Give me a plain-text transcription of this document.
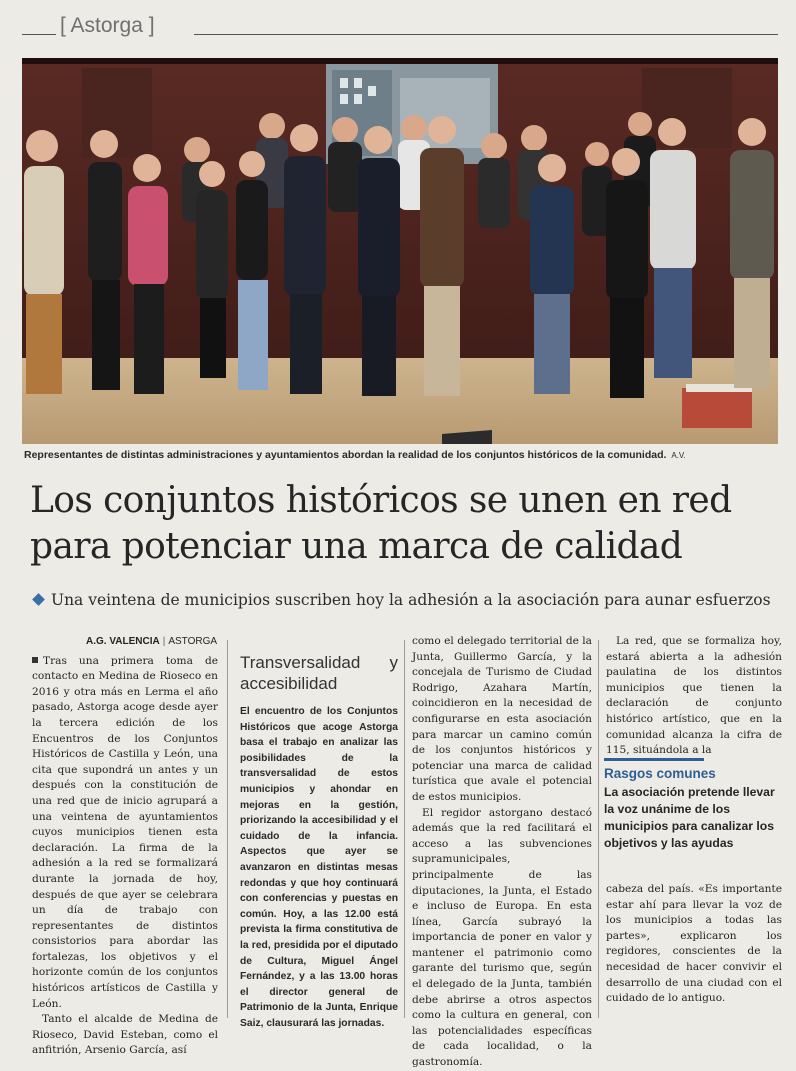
[ Astorga ]
Representantes de distintas administraciones y ayuntamientos abordan la realidad de los conjuntos históricos de la comunidad. A.V.
Los conjuntos históricos se unen en red
para potenciar una marca de calidad
Una veintena de municipios suscriben hoy la adhesión a la asociación para aunar esfuerzos
A.G. VALENCIA | ASTORGA

Tras una primera toma de contacto en Medina de Rioseco en 2016 y otra más en Lerma el año pasado, Astorga acoge desde ayer la tercera edición de los Encuentros de los Conjuntos Históricos de Castilla y León, una cita que supondrá un antes y un después con la constitución de una red que de inicio agrupará a una veintena de ayuntamientos cuyos municipios tienen esta declaración. La firma de la adhesión a la red se formalizará durante la jornada de hoy, después de que ayer se celebrara un día de trabajo con representantes de distintos consistorios para abordar las fortalezas, los objetivos y el horizonte común de los conjuntos históricos artísticos de Castilla y León.

Tanto el alcalde de Medina de Rioseco, David Esteban, como el anfitrión, Arsenio García, así

Transversalidad y accesibilidad
El encuentro de los Conjuntos Históricos que acoge Astorga basa el trabajo en analizar las posibilidades de la transversalidad de estos municipios y ahondar en mejoras en la gestión, priorizando la accesibilidad y el cuidado de la infancia. Aspectos que ayer se avanzaron en distintas mesas redondas y que hoy continuará con conferencias y puestas en común. Hoy, a las 12.00 está prevista la firma constitutiva de la red, presidida por el diputado de Cultura, Miguel Ángel Fernández, y a las 13.00 horas el director general de Patrimonio de la Junta, Enrique Saiz, clausurará las jornadas.

como el delegado territorial de la Junta, Guillermo García, y la concejala de Turismo de Ciudad Rodrigo, Azahara Martín, coincidieron en la necesidad de configurarse en esta asociación para marcar un camino común de los conjuntos históricos y potenciar una marca de calidad turística que avale el potencial de estos municipios.

El regidor astorgano destacó además que la red facilitará el acceso a las subvenciones supramunicipales, principalmente de las diputaciones, la Junta, el Estado e incluso de Europa. En esta línea, García subrayó la importancia de poner en valor y mantener el patrimonio como garante del turismo que, según el delegado de la Junta, también debe abrirse a otros aspectos como la cultura en general, con las potencialidades específicas de cada localidad, o la gastronomía.

La red, que se formaliza hoy, estará abierta a la adhesión paulatina de los distintos municipios que tienen la declaración de conjunto histórico artístico, que en la comunidad alcanza la cifra de 115, situándola a la

Rasgos comunes
La asociación pretende llevar la voz unánime de los municipios para canalizar los objetivos y las ayudas

cabeza del país. «Es importante estar ahí para llevar la voz de los municipios a todas las partes», explicaron los regidores, conscientes de la necesidad de hacer convivir el desarrollo de una ciudad con el cuidado de lo antiguo.
